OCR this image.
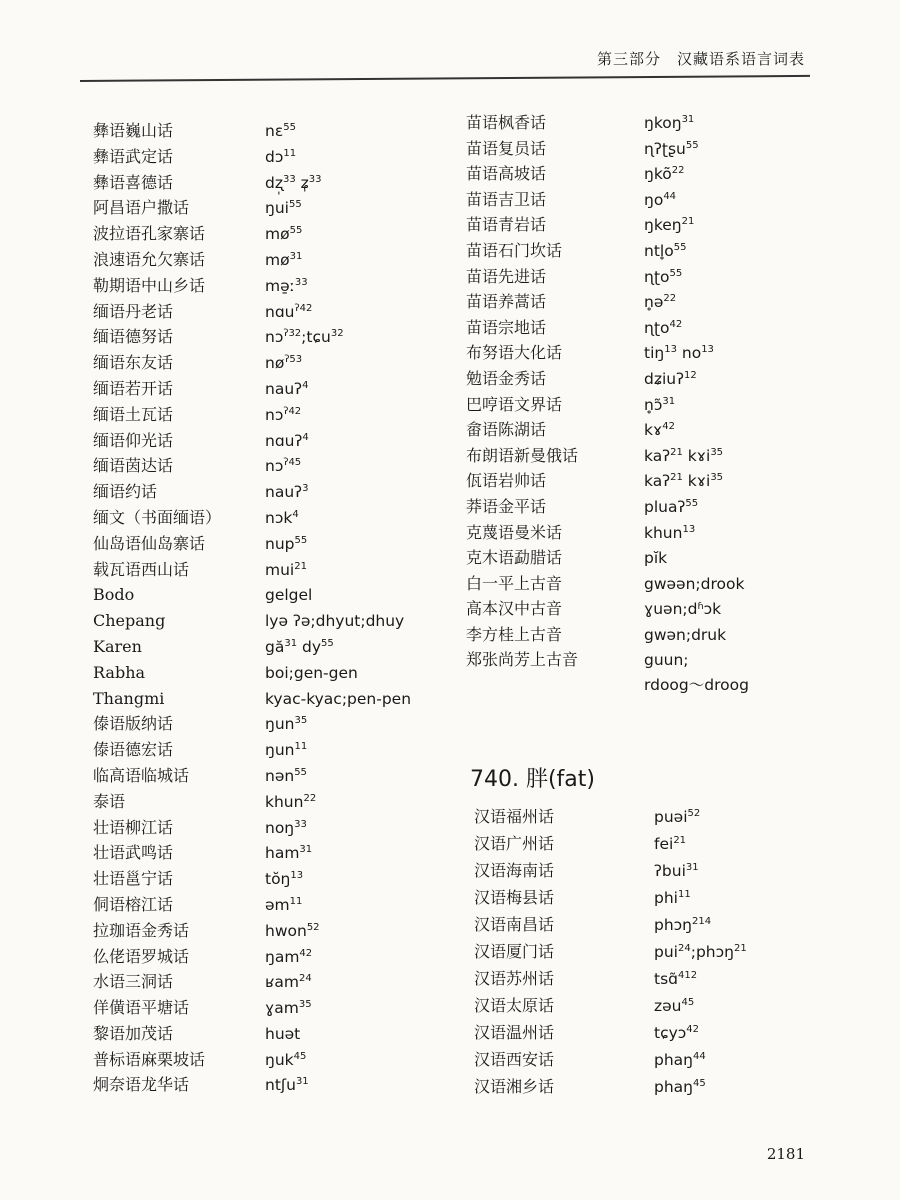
第三部分　汉藏语系语言词表
彝语巍山话	nɛ$^{55}$
彝语武定话	dɔ$^{11}$
彝语喜德话	dʐ̩$^{33}$ ʑ̩$^{33}$
阿昌语户撒话	ŋui$^{55}$
波拉语孔家寨话	$mø^{55}$
浪速语允欠寨话	$mø^{31}$
勒期语中山乡话	mə̱ː$^{33}$
缅语丹老话	nɑu$^{ʔ42}$
缅语德努话	nɔ$^{ʔ32}$;tɕu$^{32}$
缅语东友话	$nø^{ʔ53}$
缅语若开话	nauʔ$^4$
缅语土瓦话	nɔ$^{ʔ42}$
缅语仰光话	nɑuʔ$^4$
缅语茵达话	nɔ$^{ʔ45}$
缅语约话	nauʔ$^3$
缅文（书面缅语）	nɔk$^4$
仙岛语仙岛寨话	nup$^{55}$
载瓦语西山话	mui$^{21}$
Bodo	gelgel
Chepang	lyə ʔə;dhyut;dhuy
Karen	$gă^{31}$ $dy^{55}$
Rabha	boi;gen-gen
Thangmi	kyac-kyac;pen-pen
傣语版纳话	ŋun$^{35}$
傣语德宏话	ŋun$^{11}$
临高语临城话	nən$^{55}$
泰语	khun$^{22}$
壮语柳江话	noŋ$^{33}$
壮语武鸣话	ham$^{31}$
壮语邕宁话	tŏŋ$^{13}$
侗语榕江话	əm$^{11}$
拉珈语金秀话	hwon$^{52}$
仫佬语罗城话	ŋam$^{42}$
水语三洞话	ʁam$^{24}$
佯僙语平塘话	ɣam$^{35}$
黎语加茂话	huət
普标语麻栗坡话	ŋuk$^{45}$
炯奈语龙华话	ntʃu$^{31}$
苗语枫香话	ŋkoŋ$^{31}$
苗语复员话	ɳʔʈʂu$^{55}$
苗语高坡话	ŋkõ$^{22}$
苗语吉卫话	$ŋo^{44}$
苗语青岩话	ŋkeŋ$^{21}$
苗语石门坎话	$ntl̥o^{55}$
苗语先进话	ɳʈo$^{55}$
苗语养蒿话	n̥ə$^{22}$
苗语宗地话	ɳʈo$^{42}$
布努语大化话	tiŋ$^{13}$ $no^{13}$
勉语金秀话	dʑiuʔ$^{12}$
巴哼语文界话	n̥ɔ̃$^{31}$
畲语陈湖话	kɤ$^{42}$
布朗语新曼俄话	kaʔ$^{21}$ kɤi$^{35}$
佤语岩帅话	kaʔ$^{21}$ kɤi$^{35}$
莽语金平话	pluaʔ$^{55}$
克蔑语曼米话	khun$^{13}$
克木语勐腊话	pĭk
白一平上古音	gwəən;drook
高本汉中古音	ɣuən;dʱɔk
李方桂上古音	gwən;druk
郑张尚芳上古音	guun;
rdoog～droog
740. 胖(fat)
汉语福州话	puəi$^{52}$
汉语广州话	fei$^{21}$
汉语海南话	ʔbui$^{31}$
汉语梅县话	phi$^{11}$
汉语南昌话	phɔŋ$^{214}$
汉语厦门话	pui$^{24}$;phɔŋ$^{21}$
汉语苏州话	tsɑ̃$^{412}$
汉语太原话	zəu$^{45}$
汉语温州话	tɕyɔ$^{42}$
汉语西安话	phaŋ$^{44}$
汉语湘乡话	phaŋ$^{45}$
2181
